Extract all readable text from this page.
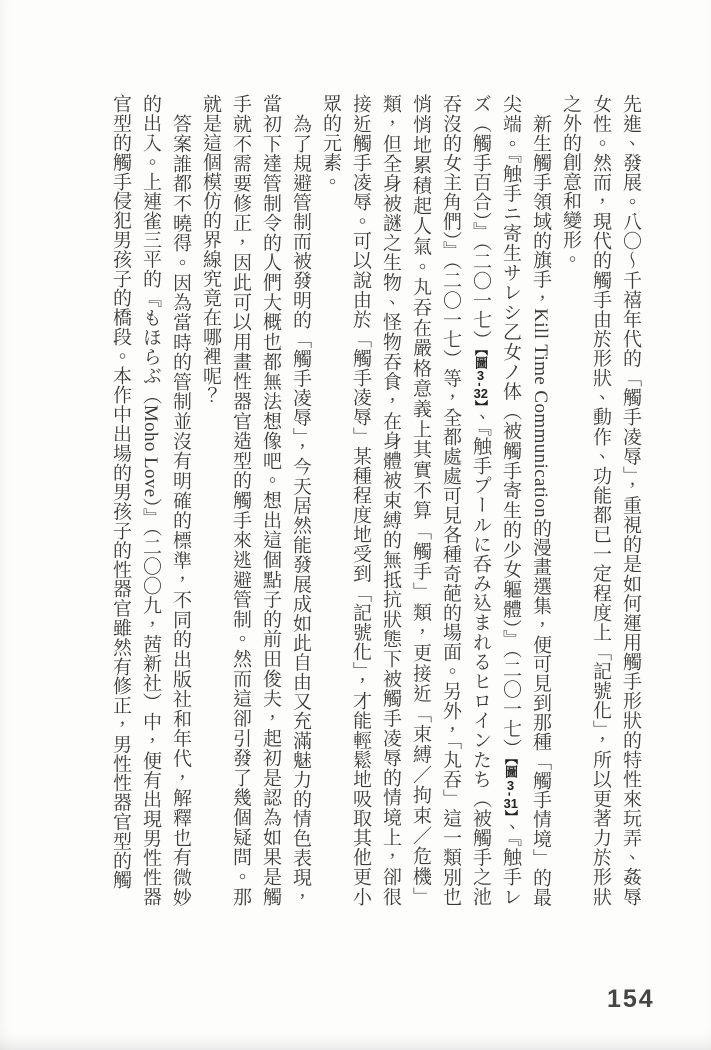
先進、發展。八〇～千禧年代的「觸手凌辱」，重視的是如何運用觸手形狀的特性來玩弄、姦辱女性。然而，現代的觸手由於形狀、動作、功能都已一定程度上「記號化」，所以更著力於形狀之外的創意和變形。

新生觸手領域的旗手，Kill Time Communication的漫畫選集，便可見到那種「觸手情境」的最尖端。『触手ニ寄生サレシ乙女ノ体（被觸手寄生的少女軀體）』（二〇一七）【圖3-31】、『触手レズ（觸手百合）』（二〇一七）【圖3-32】、『触手プールに呑み込まれるヒロインたち（被觸手之池吞沒的女主角們）』（二〇一七）等，全都處處可見各種奇葩的場面。另外，「丸吞」這一類別也悄悄地累積起人氣。丸吞在嚴格意義上其實不算「觸手」類，更接近「束縛／拘束／危機」類，但全身被謎之生物、怪物吞食，在身體被束縛的無抵抗狀態下被觸手凌辱的情境上，卻很接近觸手凌辱。可以說由於「觸手凌辱」某種程度地受到「記號化」，才能輕鬆地吸取其他更小眾的元素。

為了規避管制而被發明的「觸手凌辱」，今天居然能發展成如此自由又充滿魅力的情色表現，當初下達管制令的人們大概也都無法想像吧。想出這個點子的前田俊夫，起初是認為如果是觸手就不需要修正，因此可以用畫性器官造型的觸手來逃避管制。然而這卻引發了幾個疑問。那就是這個模仿的界線究竟在哪裡呢？

答案誰都不曉得。因為當時的管制並沒有明確的標準，不同的出版社和年代，解釋也有微妙的出入。上連雀三平的『もほらぶ（Moho Love）』（二〇〇九，茜新社）中，便有出現男性性器官型的觸手侵犯男孩子的橋段。本作中出場的男孩子的性器官雖然有修正，男性性器官型的觸

154
